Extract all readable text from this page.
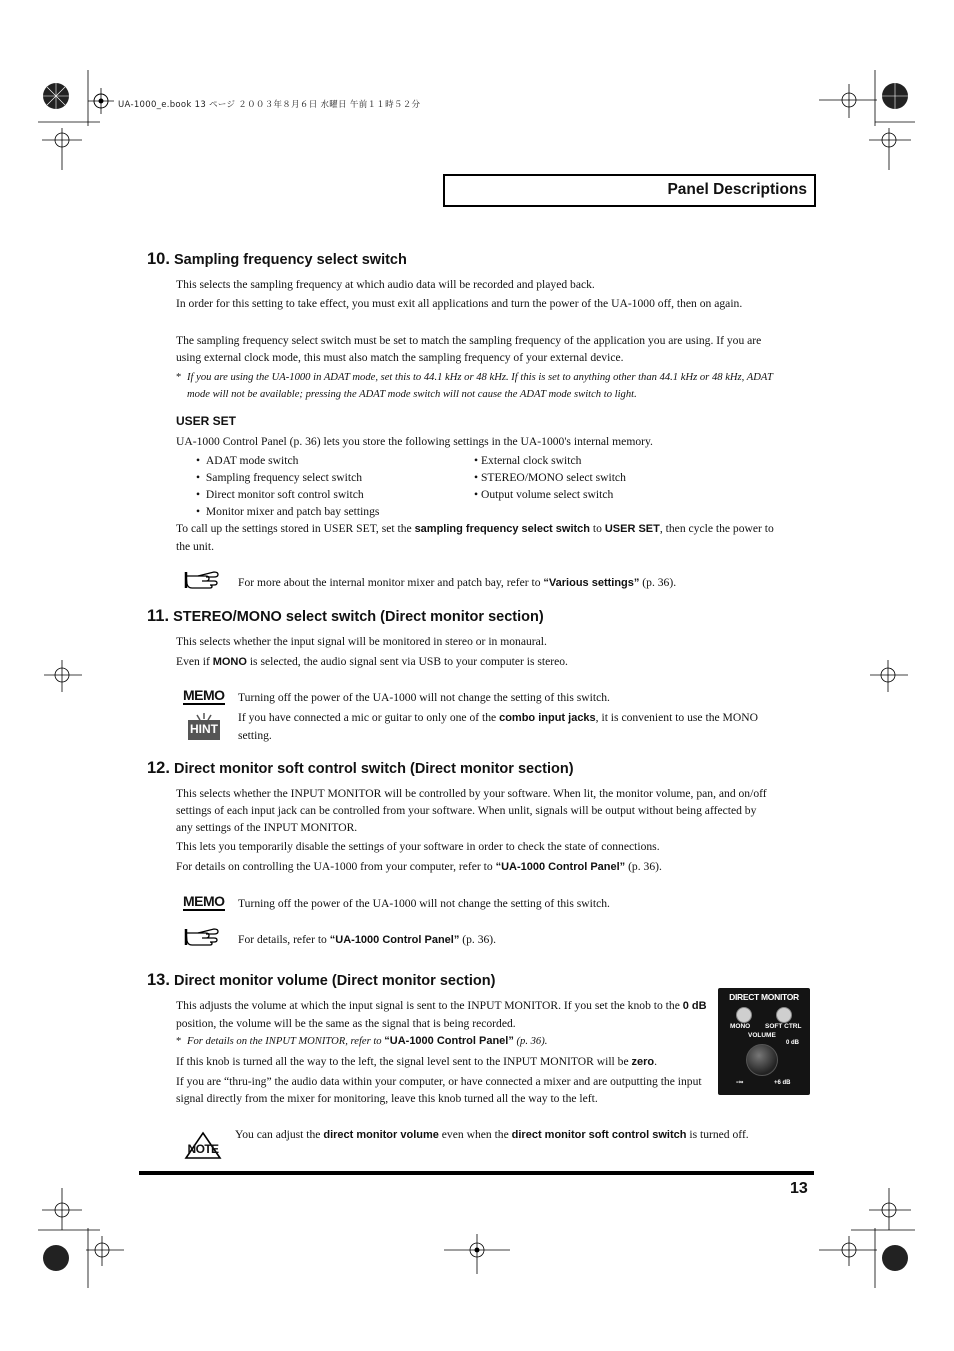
UA-1000_e.book 13 ページ ２００３年８月６日 水曜日 午前１１時５２分
Panel Descriptions
10. Sampling frequency select switch
This selects the sampling frequency at which audio data will be recorded and played back.
In order for this setting to take effect, you must exit all applications and turn the power of the UA-1000 off, then on again.
The sampling frequency select switch must be set to match the sampling frequency of the application you are using. If you are using external clock mode, this must also match the sampling frequency of your external device.
* If you are using the UA-1000 in ADAT mode, set this to 44.1 kHz or 48 kHz. If this is set to anything other than 44.1 kHz or 48 kHz, ADAT mode will not be available; pressing the ADAT mode switch will not cause the ADAT mode switch to light.
USER SET
UA-1000 Control Panel (p. 36) lets you store the following settings in the UA-1000's internal memory.
•  ADAT mode switch
•  Sampling frequency select switch
•  Direct monitor soft control switch
•  Monitor mixer and patch bay settings
• External clock switch
• STEREO/MONO select switch
• Output volume select switch
To call up the settings stored in USER SET, set the sampling frequency select switch to USER SET, then cycle the power to the unit.
For more about the internal monitor mixer and patch bay, refer to “Various settings” (p. 36).
11. STEREO/MONO select switch (Direct monitor section)
This selects whether the input signal will be monitored in stereo or in monaural.
Even if MONO is selected, the audio signal sent via USB to your computer is stereo.
MEMO Turning off the power of the UA-1000 will not change the setting of this switch.
HINT
If you have connected a mic or guitar to only one of the combo input jacks, it is convenient to use the MONO setting.
12. Direct monitor soft control switch (Direct monitor section)
This selects whether the INPUT MONITOR will be controlled by your software. When lit, the monitor volume, pan, and on/off settings of each input jack can be controlled from your software. When unlit, signals will be output without being affected by any settings of the INPUT MONITOR.
This lets you temporarily disable the settings of your software in order to check the state of connections.
For details on controlling the UA-1000 from your computer, refer to “UA-1000 Control Panel” (p. 36).
MEMO Turning off the power of the UA-1000 will not change the setting of this switch.
For details, refer to “UA-1000 Control Panel” (p. 36).
13. Direct monitor volume (Direct monitor section)
This adjusts the volume at which the input signal is sent to the INPUT MONITOR. If you set the knob to the 0 dB position, the volume will be the same as the signal that is being recorded.
* For details on the INPUT MONITOR, refer to “UA-1000 Control Panel” (p. 36).
If this knob is turned all the way to the left, the signal level sent to the INPUT MONITOR will be zero.
If you are “thru-ing” the audio data within your computer, or have connected a mixer and are outputting the input signal directly from the mixer for monitoring, leave this knob turned all the way to the left.
DIRECT MONITOR
MONO SOFT CTRL
VOLUME
0 dB
-∞	+6 dB
NOTE
You can adjust the direct monitor volume even when the direct monitor soft control switch is turned off.
13
